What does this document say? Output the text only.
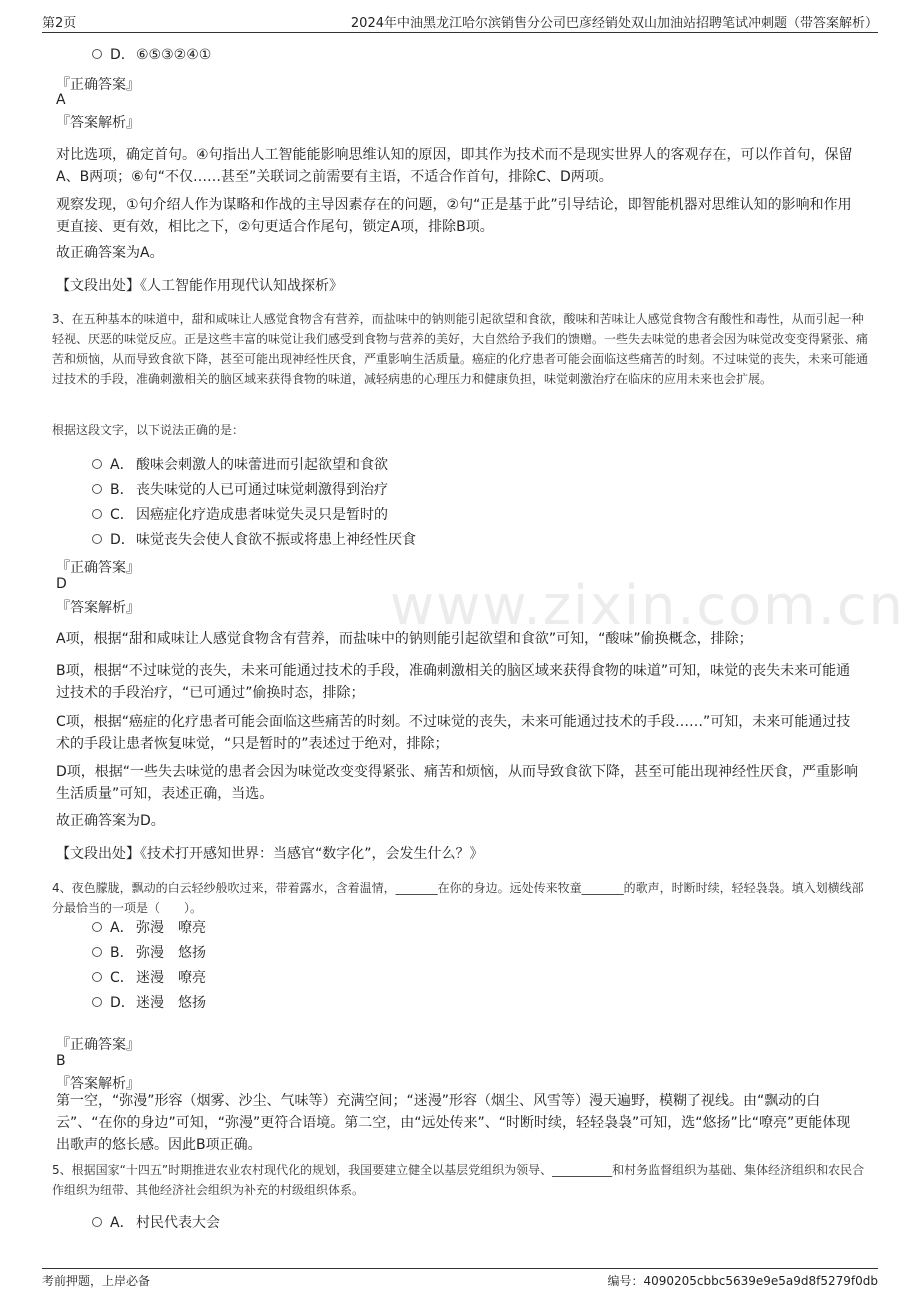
第2页	2024年中油黑龙江哈尔滨销售分公司巴彦经销处双山加油站招聘笔试冲刺题（带答案解析）
D．⑥⑤③②④①
『正确答案』
A
『答案解析』
对比选项，确定首句。④句指出人工智能能影响思维认知的原因，即其作为技术而不是现实世界人的客观存在，可以作首句，保留A、B两项；⑥句“不仅……甚至”关联词之前需要有主语，不适合作首句，排除C、D两项。
观察发现，①句介绍人作为谋略和作战的主导因素存在的问题，②句“正是基于此”引导结论，即智能机器对思维认知的影响和作用更直接、更有效，相比之下，②句更适合作尾句，锁定A项，排除B项。
故正确答案为A。
【文段出处】《人工智能作用现代认知战探析》
3、在五种基本的味道中，甜和咸味让人感觉食物含有营养，而盐味中的钠则能引起欲望和食欲，酸味和苦味让人感觉食物含有酸性和毒性，从而引起一种轻视、厌恶的味觉反应。正是这些丰富的味觉让我们感受到食物与营养的美好，大自然给予我们的馈赠。一些失去味觉的患者会因为味觉改变变得紧张、痛苦和烦恼，从而导致食欲下降，甚至可能出现神经性厌食，严重影响生活质量。癌症的化疗患者可能会面临这些痛苦的时刻。不过味觉的丧失，未来可能通过技术的手段，准确刺激相关的脑区域来获得食物的味道，减轻病患的心理压力和健康负担，味觉刺激治疗在临床的应用未来也会扩展。
根据这段文字，以下说法正确的是：
A． 酸味会刺激人的味蕾进而引起欲望和食欲
B． 丧失味觉的人已可通过味觉刺激得到治疗
C． 因癌症化疗造成患者味觉失灵只是暂时的
D．味觉丧失会使人食欲不振或将患上神经性厌食
『正确答案』
D
『答案解析』
A项，根据“甜和咸味让人感觉食物含有营养，而盐味中的钠则能引起欲望和食欲”可知，“酸味”偷换概念，排除；
B项，根据“不过味觉的丧失，未来可能通过技术的手段，准确刺激相关的脑区域来获得食物的味道”可知，味觉的丧失未来可能通过技术的手段治疗，“已可通过”偷换时态，排除；
C项，根据“癌症的化疗患者可能会面临这些痛苦的时刻。不过味觉的丧失，未来可能通过技术的手段……”可知，未来可能通过技术的手段让患者恢复味觉，“只是暂时的”表述过于绝对，排除；
D项，根据“一些失去味觉的患者会因为味觉改变变得紧张、痛苦和烦恼，从而导致食欲下降，甚至可能出现神经性厌食，严重影响生活质量”可知，表述正确，当选。
故正确答案为D。
【文段出处】《技术打开感知世界：当感官“数字化”，会发生什么？》
4、夜色朦胧，飘动的白云轻纱般吹过来，带着露水，含着温情，_______在你的身边。远处传来牧童_______的歌声，时断时续，轻轻袅袅。填入划横线部分最恰当的一项是（　　）。
A． 弥漫　嘹亮
B． 弥漫　悠扬
C． 迷漫　嘹亮
D．迷漫　悠扬
『正确答案』
B
『答案解析』
第一空，“弥漫”形容（烟雾、沙尘、气味等）充满空间；“迷漫”形容（烟尘、风雪等）漫天遍野，模糊了视线。由“飘动的白云”、“在你的身边”可知，“弥漫”更符合语境。第二空，由“远处传来”、“时断时续，轻轻袅袅”可知，选“悠扬”比“嘹亮”更能体现出歌声的悠长感。因此B项正确。
5、根据国家“十四五”时期推进农业农村现代化的规划，我国要建立健全以基层党组织为领导、__________和村务监督组织为基础、集体经济组织和农民合作组织为纽带、其他经济社会组织为补充的村级组织体系。
A． 村民代表大会
www.zixin.com.cn
考前押题，上岸必备	编号：4090205cbbc5639e9e5a9d8f5279f0db
